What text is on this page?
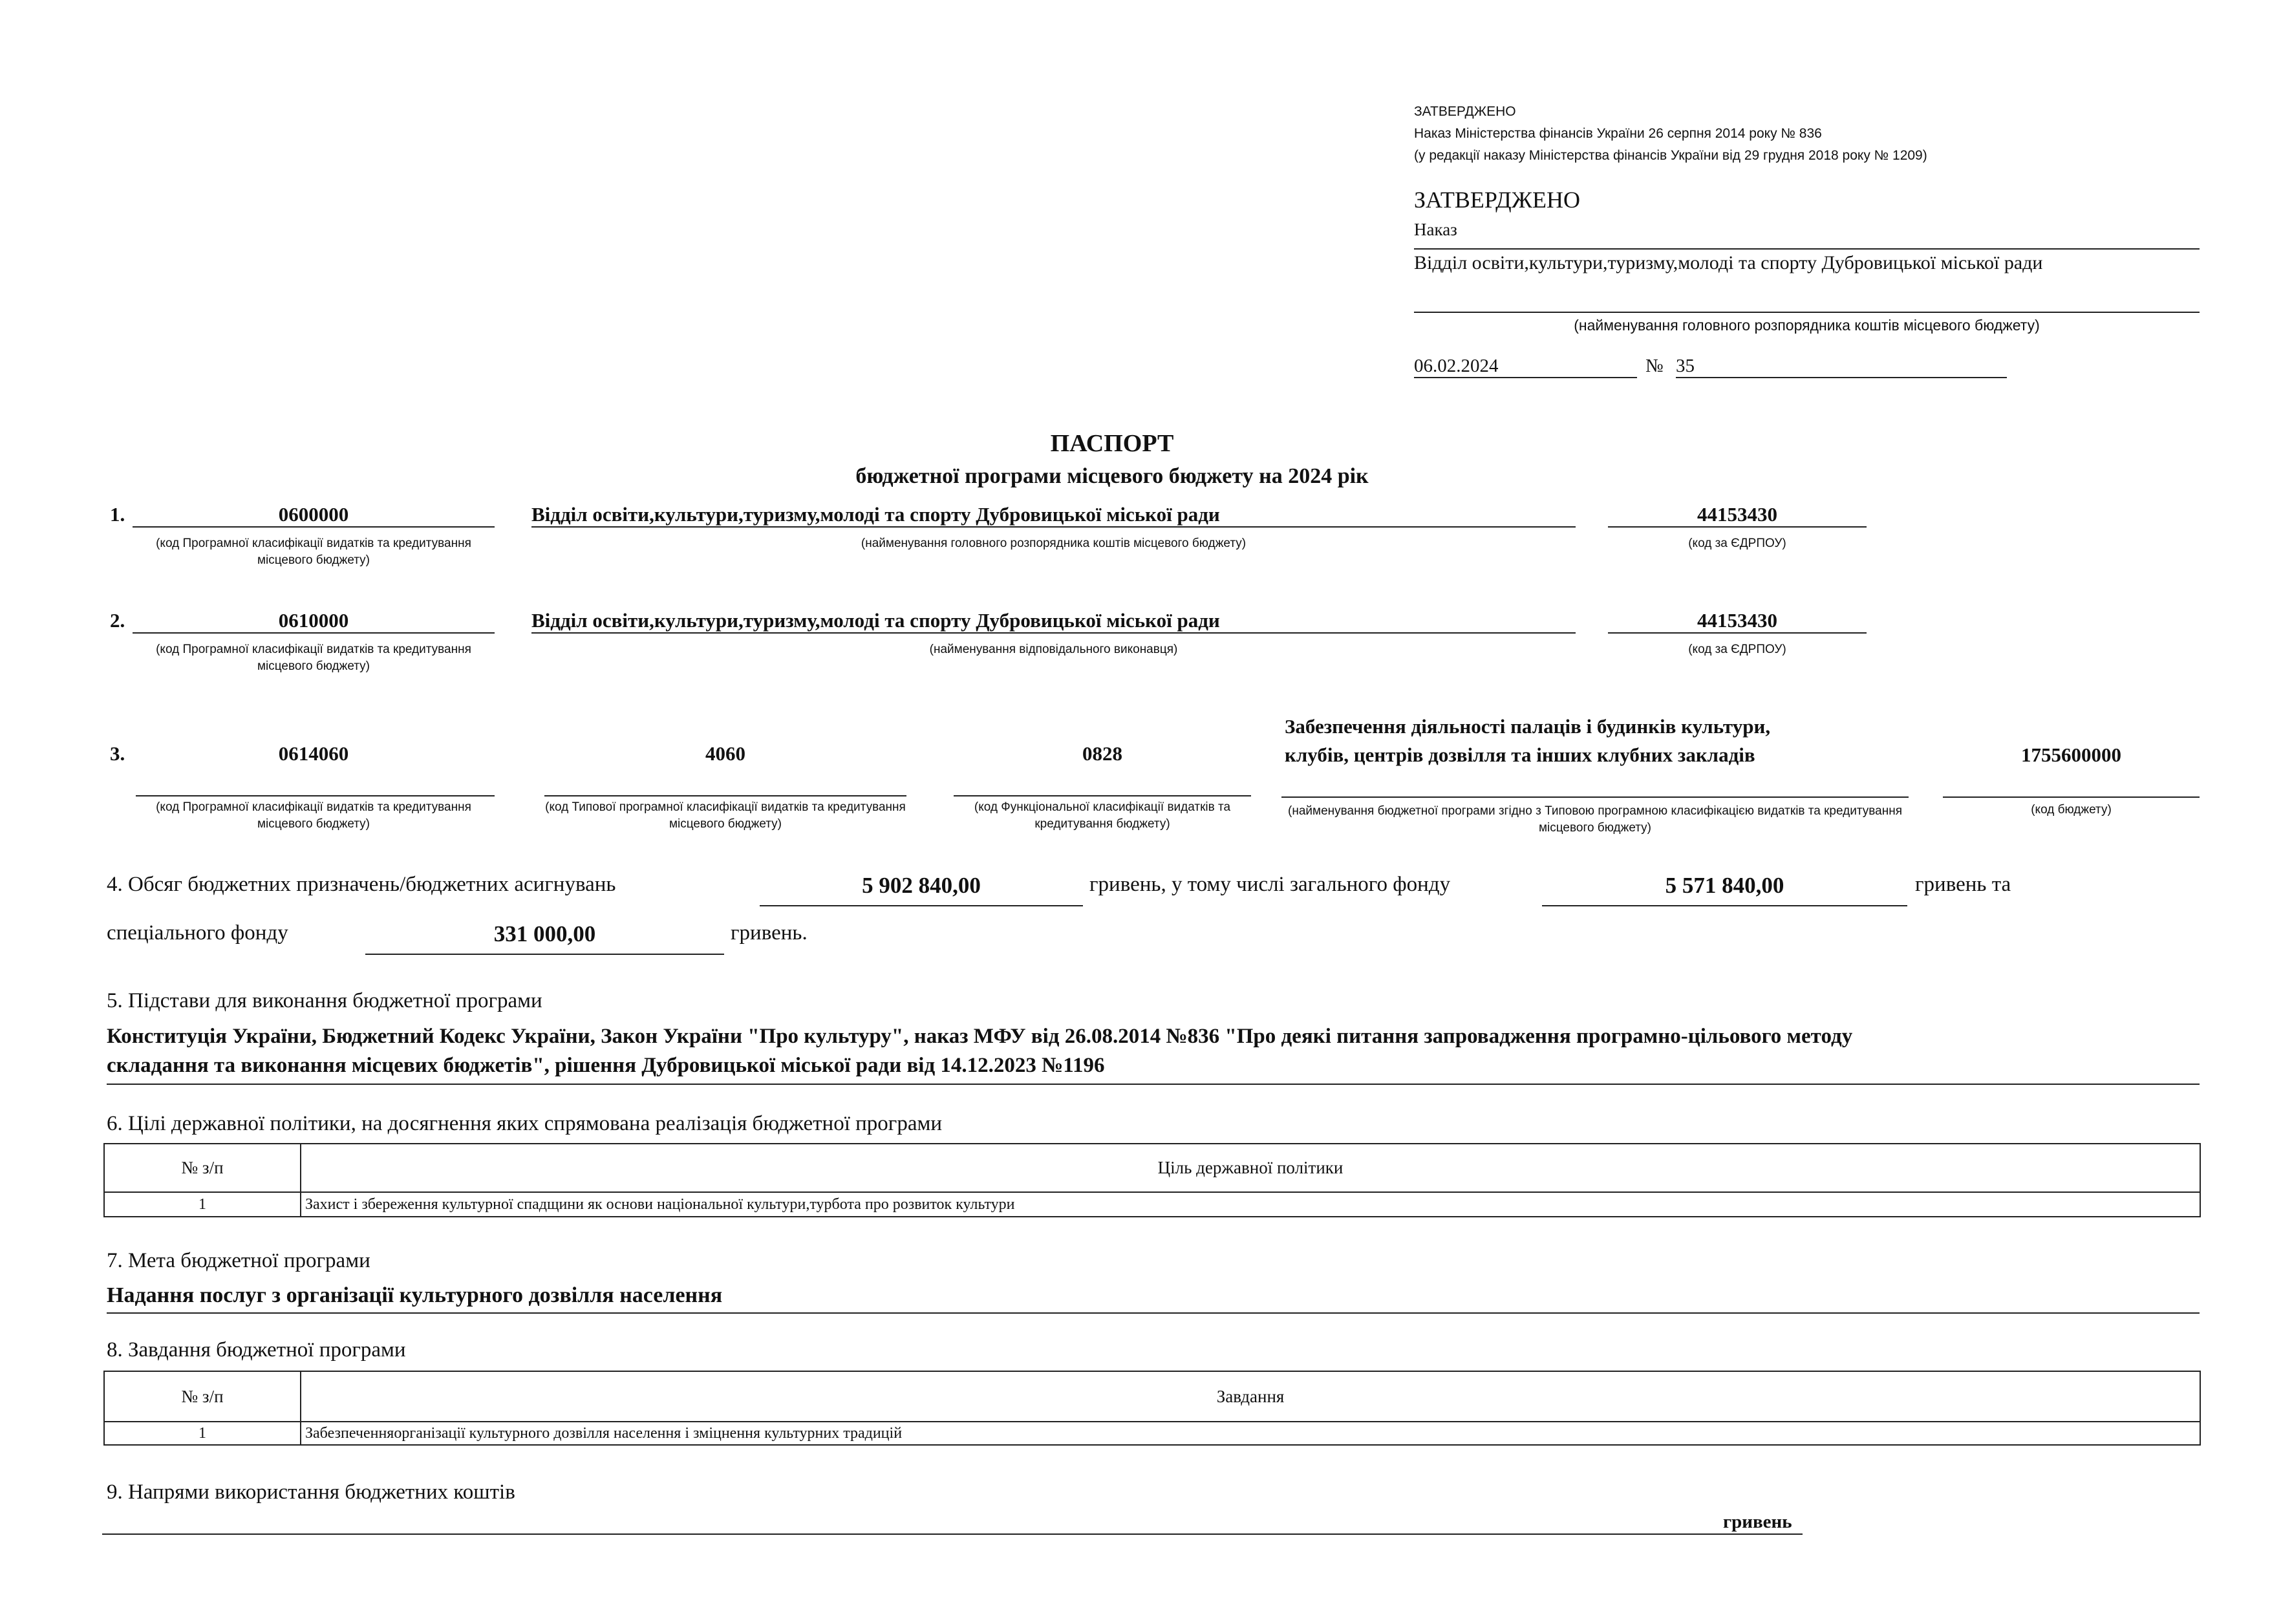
ЗАТВЕРДЖЕНО
Наказ Міністерства фінансів України 26 серпня 2014 року № 836
(у редакції наказу Міністерства фінансів України від 29 грудня 2018 року № 1209)
ЗАТВЕРДЖЕНО
Наказ
Відділ освіти,культури,туризму,молоді та спорту Дубровицької міської ради
(найменування головного розпорядника коштів місцевого бюджету)
06.02.2024	№ 35
ПАСПОРТ
бюджетної програми місцевого бюджету на 2024 рік
1.	0600000
(код Програмної класифікації видатків та кредитування місцевого бюджету)
Відділ освіти,культури,туризму,молоді та спорту Дубровицької міської ради
(найменування головного розпорядника коштів місцевого бюджету)
44153430
(код за ЄДРПОУ)
2.	0610000
(код Програмної класифікації видатків та кредитування місцевого бюджету)
Відділ освіти,культури,туризму,молоді та спорту Дубровицької міської ради
(найменування відповідального виконавця)
44153430
(код за ЄДРПОУ)
3.	0614060
(код Програмної класифікації видатків та кредитування місцевого бюджету)
4060
(код Типової програмної класифікації видатків та кредитування місцевого бюджету)
0828
(код Функціональної класифікації видатків та кредитування бюджету)
Забезпечення діяльності палаців і будинків культури,
клубів, центрів дозвілля та інших клубних закладів
(найменування бюджетної програми згідно з Типовою програмною класифікацією видатків та кредитування місцевого бюджету)
1755600000
(код бюджету)
4. Обсяг бюджетних призначень/бюджетних асигнувань	5 902 840,00	гривень, у тому числі загального фонду	5 571 840,00	гривень та
спеціального фонду	331 000,00	гривень.
5. Підстави для виконання бюджетної програми
Конституція України, Бюджетний Кодекс України, Закон України "Про культуру", наказ МФУ від 26.08.2014 №836 "Про деякі питання запровадження програмно-цільового методу
складання та виконання місцевих бюджетів", рішення Дубровицької міської ради від 14.12.2023 №1196
6. Цілі державної політики, на досягнення яких спрямована реалізація бюджетної програми
№ з/п	Ціль державної політики
1	Захист і збереження культурної спадщини як основи національної культури,турбота про розвиток культури
7. Мета бюджетної програми
Надання послуг з організації культурного дозвілля населення
8. Завдання бюджетної програми
№ з/п	Завдання
1	Забезпеченняорганізації культурного дозвілля населення і зміцнення культурних традицій
9. Напрями використання бюджетних коштів
гривень
